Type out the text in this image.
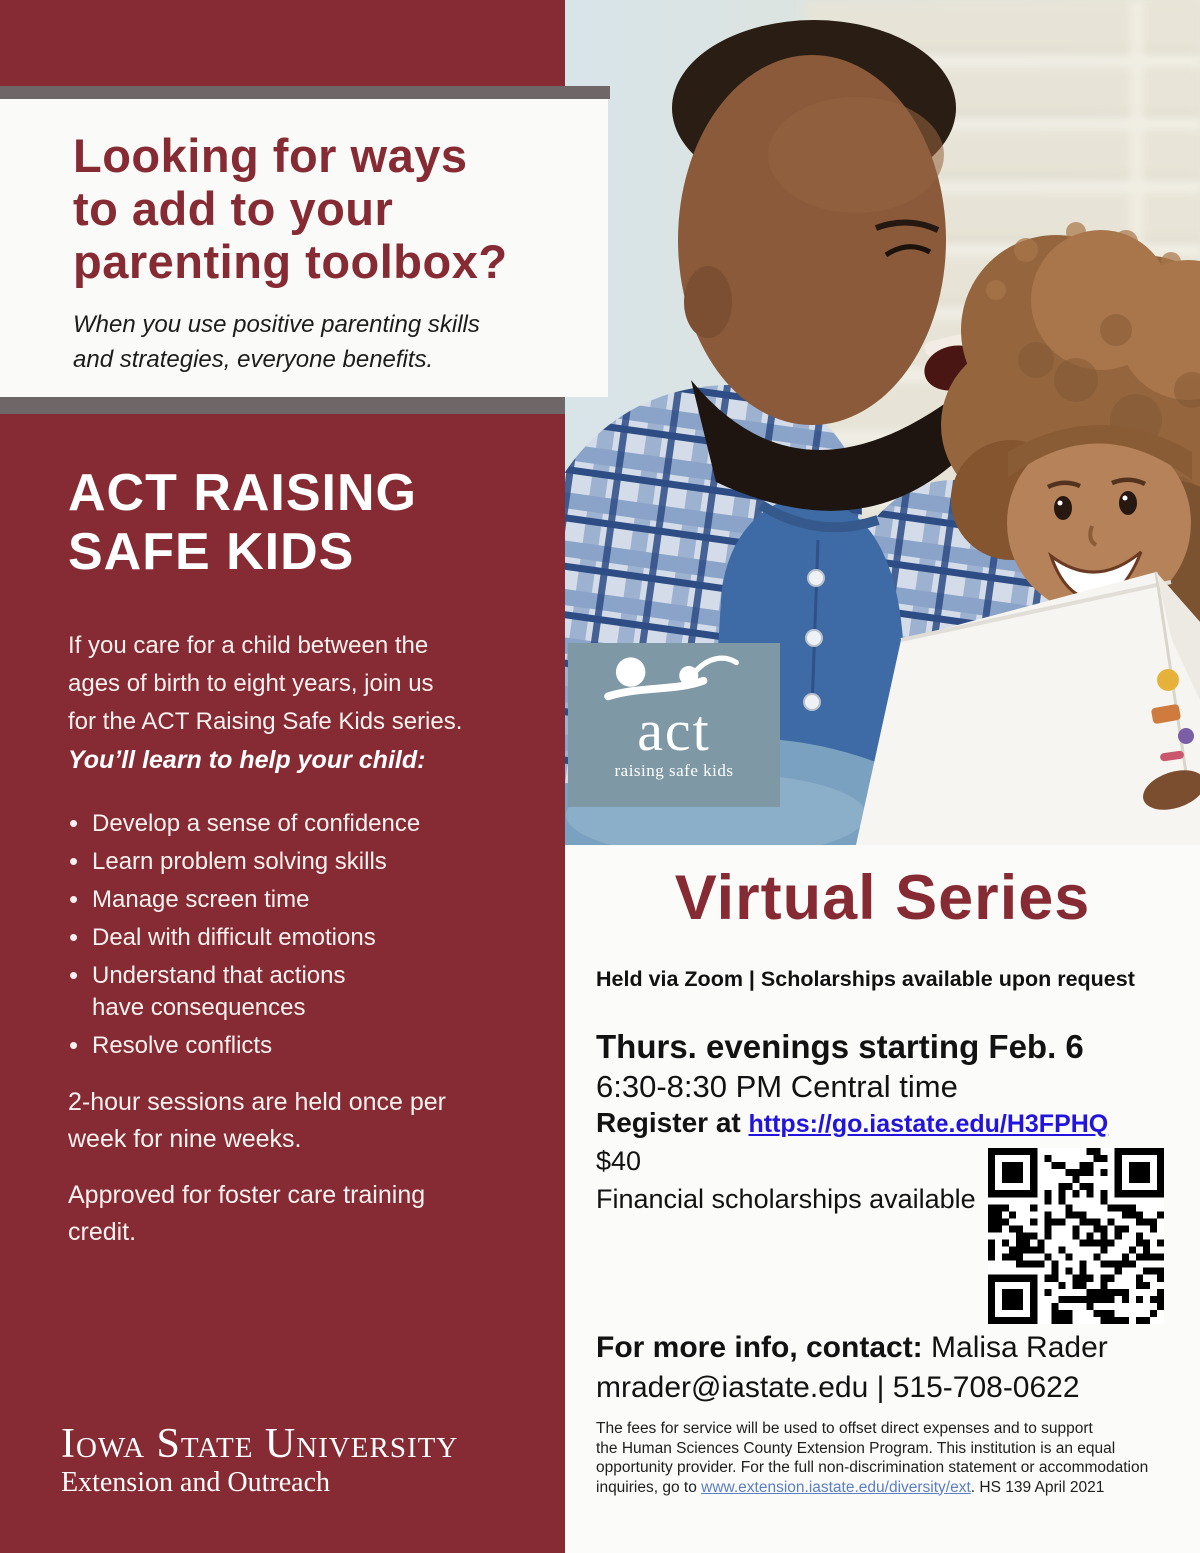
Looking for ways
to add to your
parenting toolbox?
When you use positive parenting skills
and strategies, everyone benefits.
ACT RAISING
SAFE KIDS
If you care for a child between the
ages of birth to eight years, join us
for the ACT Raising Safe Kids series.
You’ll learn to help your child:
• Develop a sense of confidence
• Learn problem solving skills
• Manage screen time
• Deal with difficult emotions
• Understand that actions
have consequences
• Resolve conflicts
2-hour sessions are held once per
week for nine weeks.
Approved for foster care training
credit.
Iowa State University
Extension and Outreach
act
raising safe kids
Virtual Series
Held via Zoom | Scholarships available upon request
Thurs. evenings starting Feb. 6
6:30-8:30 PM Central time
Register at https://go.iastate.edu/H3FPHQ
$40
Financial scholarships available
For more info, contact: Malisa Rader
mrader@iastate.edu | 515-708-0622
The fees for service will be used to offset direct expenses and to support
the Human Sciences County Extension Program. This institution is an equal
opportunity provider. For the full non-discrimination statement or accommodation
inquiries, go to www.extension.iastate.edu/diversity/ext. HS 139 April 2021
